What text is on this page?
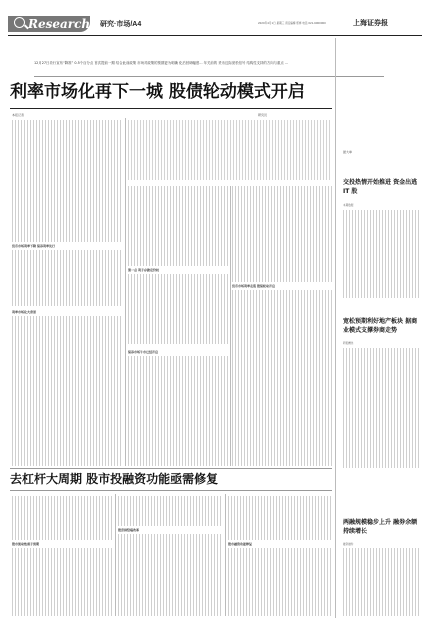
Research 研究·市场/A4	2020年4月1日 星期三 责任编辑 邢烨 电话 021-6000000	上海证券报
12月27日央行宣布“降准” 0.5个百分点 首次提前一期 结合此前政策 市场对政策的预期更为明确 化后回调幅度... 年关前的 货币边际宽松信号 结构性支持的方向与重点 ...
利率市场化再下一城 股债轮动模式开启
最大单
交投热情开始推进 资金出逃 IT 股
本期数据
宽松预期利好地产板块 据商业模式支撑券商走势
研报精选
两融规模稳步上升 融券余额持续增长
融资融券
本报记者	研究员
货币市场利率下降 债券利率先行
利率市场化大背景
第一点 利于存款定价权
债券市场牛市已经开启
货币市场利率走低 股债轮动开启
去杠杆大周期 股市投融资功能亟需修复
股市流动性弱于预期
股票供给端改革
股市融资功能修复
